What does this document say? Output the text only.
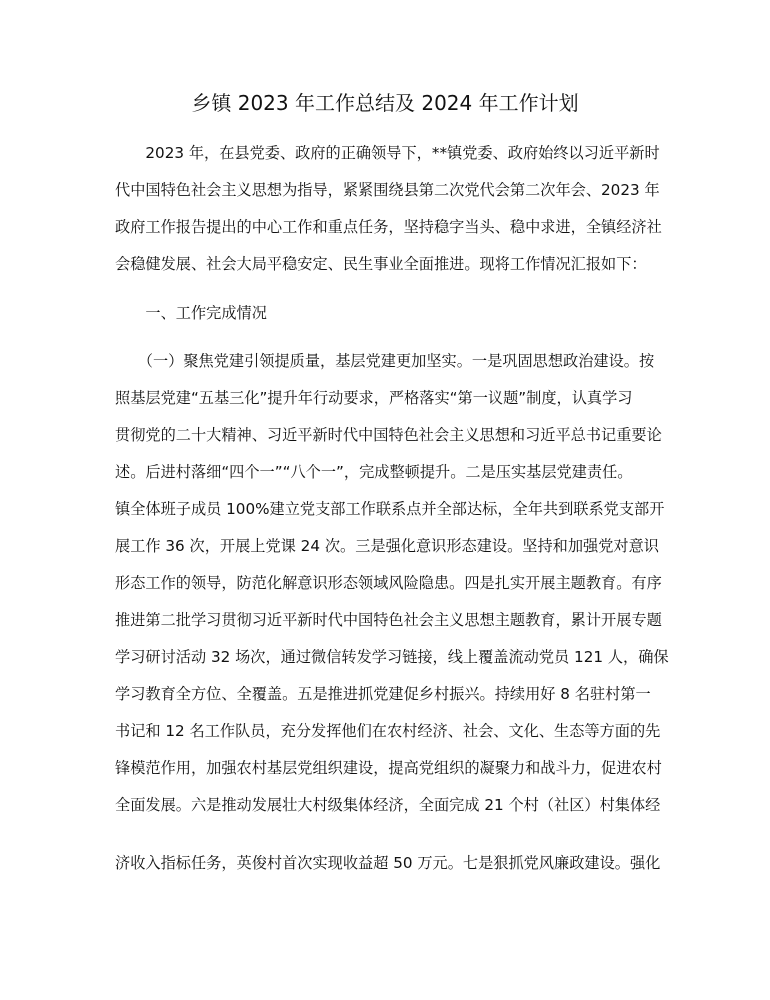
乡镇 2023 年工作总结及 2024 年工作计划
　　2023 年，在县党委、政府的正确领导下，**镇党委、政府始终以习近平新时
代中国特色社会主义思想为指导，紧紧围绕县第二次党代会第二次年会、2023 年
政府工作报告提出的中心工作和重点任务，坚持稳字当头、稳中求进，全镇经济社
会稳健发展、社会大局平稳安定、民生事业全面推进。现将工作情况汇报如下：
　　一、工作完成情况
　　（一）聚焦党建引领提质量，基层党建更加坚实。一是巩固思想政治建设。按
照基层党建“五基三化”提升年行动要求，严格落实“第一议题”制度，认真学习
贯彻党的二十大精神、习近平新时代中国特色社会主义思想和习近平总书记重要论
述。后进村落细“四个一”“八个一”，完成整顿提升。二是压实基层党建责任。
镇全体班子成员 100%建立党支部工作联系点并全部达标，全年共到联系党支部开
展工作 36 次，开展上党课 24 次。三是强化意识形态建设。坚持和加强党对意识
形态工作的领导，防范化解意识形态领域风险隐患。四是扎实开展主题教育。有序
推进第二批学习贯彻习近平新时代中国特色社会主义思想主题教育，累计开展专题
学习研讨活动 32 场次，通过微信转发学习链接，线上覆盖流动党员 121 人，确保
学习教育全方位、全覆盖。五是推进抓党建促乡村振兴。持续用好 8 名驻村第一
书记和 12 名工作队员，充分发挥他们在农村经济、社会、文化、生态等方面的先
锋模范作用，加强农村基层党组织建设，提高党组织的凝聚力和战斗力，促进农村
全面发展。六是推动发展壮大村级集体经济，全面完成 21 个村（社区）村集体经
济收入指标任务，英俊村首次实现收益超 50 万元。七是狠抓党风廉政建设。强化
